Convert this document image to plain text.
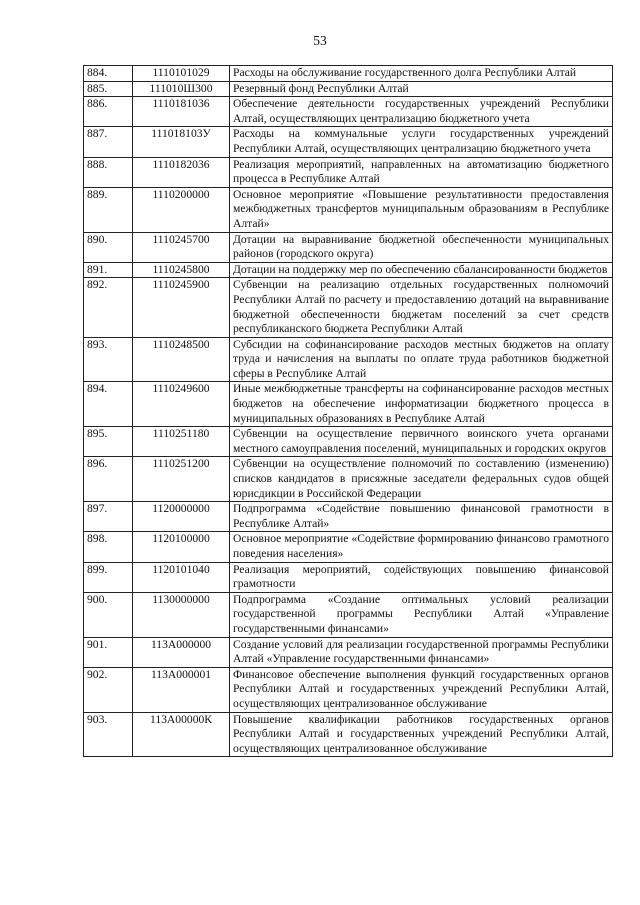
53
884.	1110101029	Расходы на обслуживание государственного долга Республики Алтай
885.	111010Ш300	Резервный фонд Республики Алтай
886.	1110181036	Обеспечение деятельности государственных учреждений Республики Алтай, осуществляющих централизацию бюджетного учета
887.	111018103У	Расходы на коммунальные услуги государственных учреждений Республики Алтай, осуществляющих централизацию бюджетного учета
888.	1110182036	Реализация мероприятий, направленных на автоматизацию бюджетного процесса в Республике Алтай
889.	1110200000	Основное мероприятие «Повышение результативности предоставления межбюджетных трансфертов муниципальным образованиям в Республике Алтай»
890.	1110245700	Дотации на выравнивание бюджетной обеспеченности муниципальных районов (городского округа)
891.	1110245800	Дотации на поддержку мер по обеспечению сбалансированности бюджетов
892.	1110245900	Субвенции на реализацию отдельных государственных полномочий Республики Алтай по расчету и предоставлению дотаций на выравнивание бюджетной обеспеченности бюджетам поселений за счет средств республиканского бюджета Республики Алтай
893.	1110248500	Субсидии на софинансирование расходов местных бюджетов на оплату труда и начисления на выплаты по оплате труда работников бюджетной сферы в Республике Алтай
894.	1110249600	Иные межбюджетные трансферты на софинансирование расходов местных бюджетов на обеспечение информатизации бюджетного процесса в муниципальных образованиях в Республике Алтай
895.	1110251180	Субвенции на осуществление первичного воинского учета органами местного самоуправления поселений, муниципальных и городских округов
896.	1110251200	Субвенции на осуществление полномочий по составлению (изменению) списков кандидатов в присяжные заседатели федеральных судов общей юрисдикции в Российской Федерации
897.	1120000000	Подпрограмма «Содействие повышению финансовой грамотности в Республике Алтай»
898.	1120100000	Основное мероприятие «Содействие формированию финансово грамотного поведения населения»
899.	1120101040	Реализация мероприятий, содействующих повышению финансовой грамотности
900.	1130000000	Подпрограмма «Создание оптимальных условий реализации государственной программы Республики Алтай «Управление государственными финансами»
901.	113А000000	Создание условий для реализации государственной программы Республики Алтай «Управление государственными финансами»
902.	113А000001	Финансовое обеспечение выполнения функций государственных органов Республики Алтай и государственных учреждений Республики Алтай, осуществляющих централизованное обслуживание
903.	113А00000К	Повышение квалификации работников государственных органов Республики Алтай и государственных учреждений Республики Алтай, осуществляющих централизованное обслуживание
